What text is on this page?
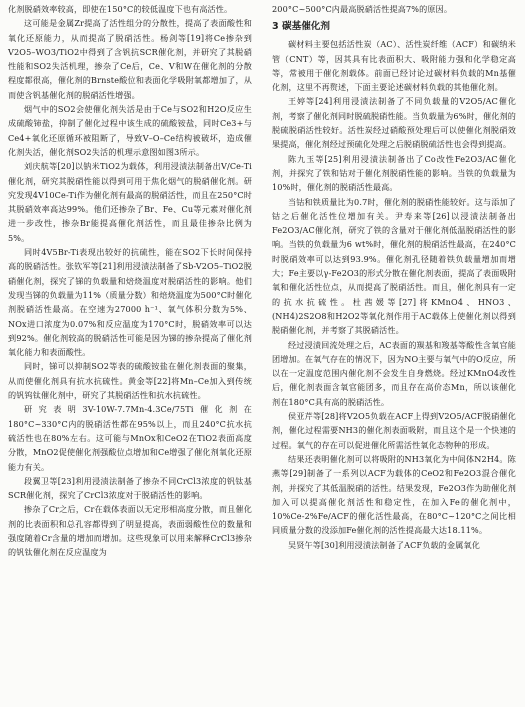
化剂脱硝效率较高，即使在150°C的较低温度下也有高活性。

这可能是金属Zr提高了活性组分的分散性，提高了表面酸性和氧化还原能力，从而提高了脱硝活性。杨剑等[19]将Ce掺杂到V2O5–WO3/TiO2中得到了含钒抗SCR催化剂，并研究了其脱硝性能和SO2失活机理，掺杂了Ce后，Ce、V和W在催化剂的分散程度都很高，催化剂的Brnste酸位和表面化学吸附氧都增加了，从而使含钒基催化剂的脱硝活性增强。

烟气中的SO2会使催化剂失活是由于Ce与SO2和H2O反应生成硫酸铈盐，抑制了催化过程中该生成的硫酸铵盐，同时Ce3+与Ce4+氧化还原循环被阻断了，导致V–O–Ce结构被破坏，造成催化剂失活，催化剂SO2失活的机理示意图如图3所示。

刘庆航等[20]以钠米TiO2为载体，利用浸渍法制备出V/Ce-Ti催化剂，研究其脱硝性能以得到可用于焦化烟气的脱硝催化剂。研究发现4V10Ce-Ti作为催化剂有最高的脱硝活性，而且在250°C时其脱硝效率高达99%。他们还掺杂了Br、Fe、Cu等元素对催化剂进一步改性，掺杂Br能提高催化剂活性，而且最佳掺杂比例为5%。

同时4V5Br-Ti表现出较好的抗硫性，能在SO2下长时间保持高的脱硝活性。张钦军等[21]利用浸渍法制备了Sb-V2O5–TiO2脱硝催化剂，探究了锑的负载量和焙烧温度对脱硝活性的影响。他们发现当锑的负载量为11%（质量分数）和焙烧温度为500°C时催化剂脱硝活性最高。在空速为27000 h⁻¹、氧气体积分数为5%、NOx进口浓度为0.07%和反应温度为170°C时，脱硝效率可以达到92%。催化剂较高的脱硝活性可能是因为锑的掺杂提高了催化剂氧化能力和表面酸性。

同时，锑可以抑制SO2等表的硫酸铵盐在催化剂表面的聚集，从而使催化剂具有抗水抗硫性。黄金等[22]将Mn–Ce加入到传统的钒钨钛催化剂中，研究了其脱硝活性和抗水抗硫性。

研究表明3V-10W-7.7Mn-4.3Ce/75Ti催化剂在180°C~330°C内的脱硝活性都在95%以上，而且240°C抗水抗硫活性也在80%左右。这可能与MnOx和CeO2在TiO2表面高度分散，MnO2促使催化剂强酸位点增加和Ce增强了催化剂氧化还原能力有关。

段翼卫等[23]利用浸渍法制备了掺杂不同CrCl3浓度的钒钛基SCR催化剂，探究了CrCl3浓度对于脱硝活性的影响。

掺杂了Cr之后，Cr在载体表面以无定形相高度分散，而且催化剂的比表面积和总孔容都得到了明显提高，表面弱酸性位的数量和强度随着Cr含量的增加而增加。这些现象可以用来解释CrCl3掺杂的钒钛催化剂在反应温度为

200°C~500°C内最高脱硝活性提高7%的原因。

3 碳基催化剂

碳材料主要包括活性炭（AC）、活性炭纤维（ACF）和碳纳米管（CNT）等，因其具有比表面积大、吸附能力强和化学稳定高等，常被用于催化剂载体。前面已经讨论过碳材料负载的Mn基催化剂，这里不再赘述，下面主要论述碳材料负载的其他催化剂。

王婷等[24]利用浸渍法制备了不同负载量的V2O5/AC催化剂，考察了催化剂同时脱硫脱硝性能。当负载量为6%时，催化剂的脱硫脱硝活性较好。活性炭经过硝酸预处理后可以使催化剂脱硝效果提高，催化剂经过预硫化处理之后脱硝脱硫活性也会得到提高。

陈九玉等[25]利用浸渍法制备出了Co改性Fe2O3/AC催化剂，并探究了铁和钴对于催化剂脱硝性能的影响。当铁的负载量为10%时，催化剂的脱硝活性最高。

当钴和铁质量比为0.7时，催化剂的脱硝性能较好。这与添加了钴之后催化活性位增加有关。尹寿来等[26]以浸渍法制备出Fe2O3/AC催化剂，研究了铁的含量对于催化剂低温脱硝活性的影响。当铁的负载量为6 wt%时，催化剂的脱硝活性最高，在240°C时脱硝效率可以达到93.9%。催化剂孔径随着铁负载量增加而增大；Fe主要以γ-Fe2O3的形式分散在催化剂表面，提高了表面吸附氧和催化活性位点，从而提高了脱硝活性。而且，催化剂具有一定的抗水抗硫性。杜茜媛等[27]将KMnO4、HNO3、(NH4)2S2O8和H2O2等氧化剂作用于AC载体上使催化剂以得到脱硝催化剂，并考察了其脱硝活性。

经过浸渍回流处理之后，AC表面的羰基和羧基等酸性含氧官能团增加。在氧气存在的情况下，因为NO主要与氧气中的O反应，所以在一定温度范围内催化剂不会发生自身燃烧。经过KMnO4改性后，催化剂表面含氧官能团多，而且存在高价态Mn，所以该催化剂在180°C具有高的脱硝活性。

侯亚芹等[28]将V2O5负载在ACF上得到V2O5/ACF脱硝催化剂，催化过程需要NH3的催化剂表面吸附，而且这个是一个快速的过程。氧气的存在可以促进催化所需活性氧化态物种的形成。

结果还表明催化剂可以将吸附的NH3氧化为中间体N2H4。陈燕等[29]制备了一系列以ACF为载体的CeO2和Fe2O3混合催化剂，并探究了其低温脱硝的活性。结果发现，Fe2O3作为助催化剂加入可以提高催化剂活性和稳定性，在加入Fe的催化剂中，10%Ce-2%Fe/ACF的催化活性最高，在80°C~120°C之间比相同质量分数的没添加Fe催化剂的活性提高最大达18.11%。

吴贤午等[30]利用浸渍法制备了ACF负载的金属氧化
